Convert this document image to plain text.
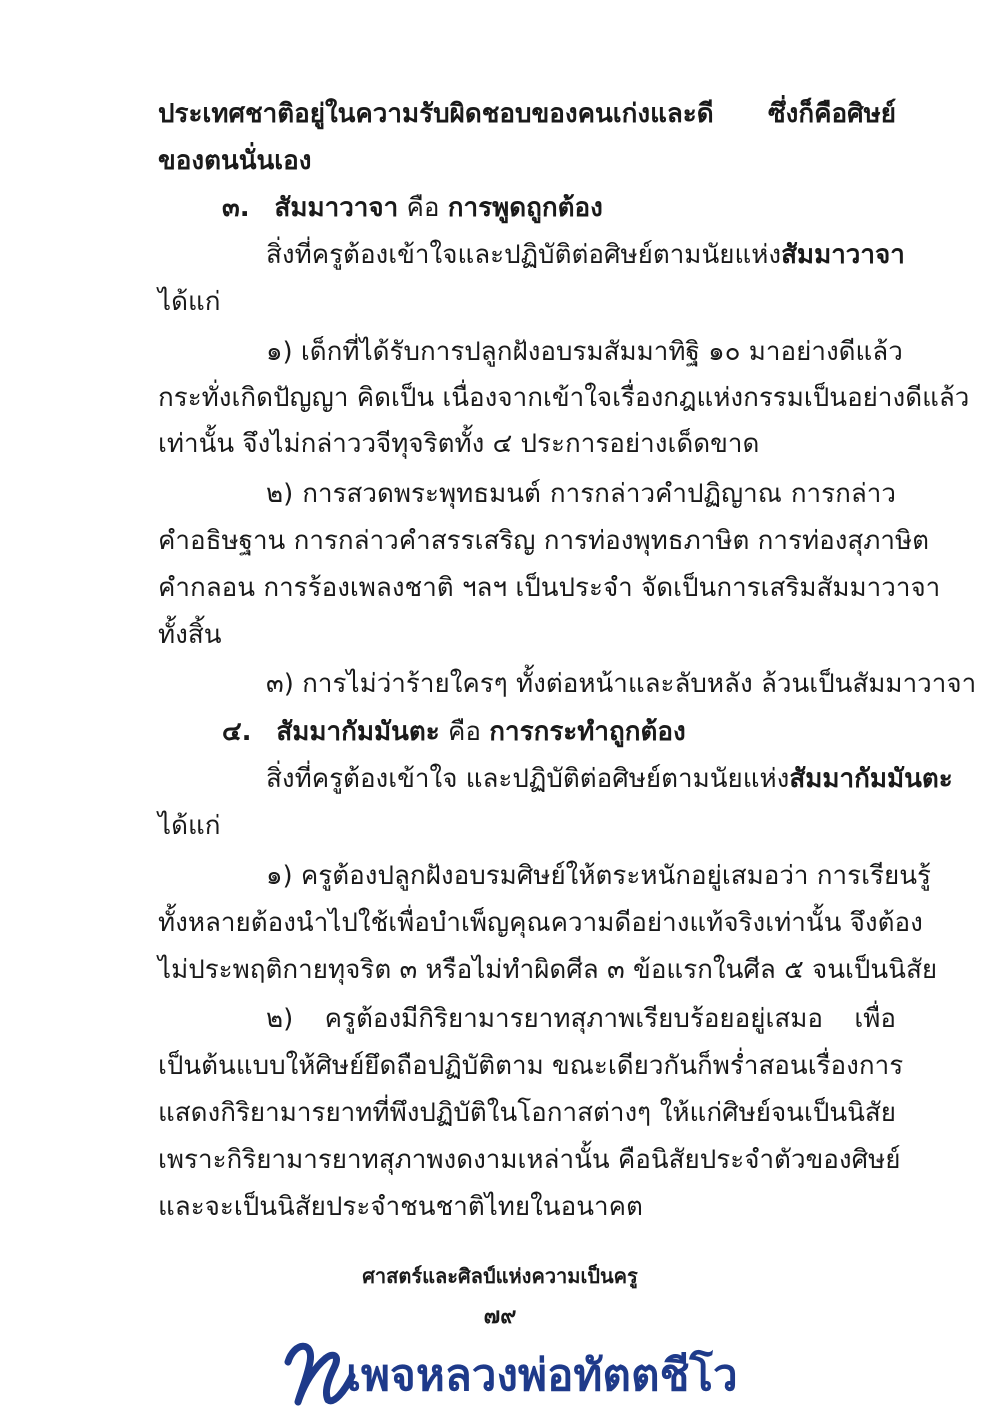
ประเทศชาติอยู่ในความรับผิดชอบของคนเก่งและดี ซึ่งก็คือศิษย์
ของตนนั่นเอง
๓. สัมมาวาจา คือ การพูดถูกต้อง
สิ่งที่ครูต้องเข้าใจและปฏิบัติต่อศิษย์ตามนัยแห่ง สัมมาวาจา
ได้แก่
๑) เด็กที่ได้รับการปลูกฝังอบรมสัมมาทิฐิ ๑๐ มาอย่างดีแล้ว
กระทั่งเกิดปัญญา คิดเป็น เนื่องจากเข้าใจเรื่องกฎแห่งกรรมเป็นอย่างดีแล้ว
เท่านั้น จึงไม่กล่าววจีทุจริตทั้ง ๔ ประการอย่างเด็ดขาด
๒) การสวดพระพุทธมนต์ การกล่าวคำปฏิญาณ การกล่าว
คำอธิษฐาน การกล่าวคำสรรเสริญ การท่องพุทธภาษิต การท่องสุภาษิต
คำกลอน การร้องเพลงชาติ ฯลฯ เป็นประจำ จัดเป็นการเสริมสัมมาวาจา
ทั้งสิ้น
๓) การไม่ว่าร้ายใครๆ ทั้งต่อหน้าและลับหลัง ล้วนเป็นสัมมาวาจา
๔. สัมมากัมมันตะ คือ การกระทำถูกต้อง
สิ่งที่ครูต้องเข้าใจ และปฏิบัติต่อศิษย์ตามนัยแห่ง สัมมากัมมันตะ
ได้แก่
๑) ครูต้องปลูกฝังอบรมศิษย์ให้ตระหนักอยู่เสมอว่า การเรียนรู้
ทั้งหลายต้องนำไปใช้เพื่อบำเพ็ญคุณความดีอย่างแท้จริงเท่านั้น จึงต้อง
ไม่ประพฤติกายทุจริต ๓ หรือไม่ทำผิดศีล ๓ ข้อแรกในศีล ๕ จนเป็นนิสัย
๒) ครูต้องมีกิริยามารยาทสุภาพเรียบร้อยอยู่เสมอ เพื่อ
เป็นต้นแบบให้ศิษย์ยึดถือปฏิบัติตาม ขณะเดียวกันก็พร่ำสอนเรื่องการ
แสดงกิริยามารยาทที่พึงปฏิบัติในโอกาสต่างๆ ให้แก่ศิษย์จนเป็นนิสัย
เพราะกิริยามารยาทสุภาพงดงามเหล่านั้น คือนิสัยประจำตัวของศิษย์
และจะเป็นนิสัยประจำชนชาติไทยในอนาคต
ศาสตร์และศิลป์แห่งความเป็นครู
๗๙
เพจหลวงพ่อทัตตชีโว
